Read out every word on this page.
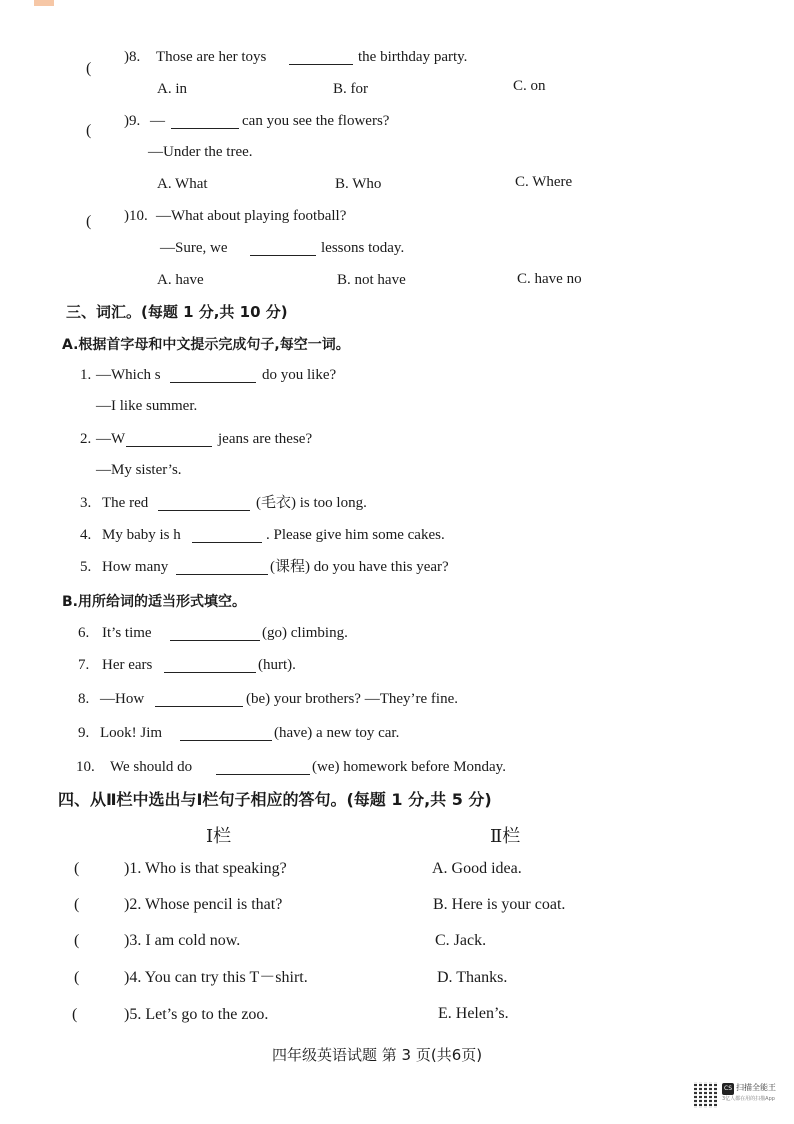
(
)8. Those are her toys	the birthday party.
A. in	B. for	C. on
(
)9. —	can you see the flowers?
—Under the tree.
A. What	B. Who	C. Where
( )10. —What about playing football?
—Sure, we	lessons today.
A. have	B. not have	C. have no
三、词汇。(每题 1 分,共 10 分)
A.根据首字母和中文提示完成句子,每空一词。
1. —Which s	do you like?
—I like summer.
2. —W	jeans are these?
—My sister’s.
3. The red	(毛衣) is too long.
4. My baby is h	. Please give him some cakes.
5. How many	(课程) do you have this year?
B.用所给词的适当形式填空。
6. It’s time	(go) climbing.
7. Her ears	(hurt).
8. —How	(be) your brothers? —They’re fine.
9. Look! Jim	(have) a new toy car.
10. We should do	(we) homework before Monday.
四、从Ⅱ栏中选出与Ⅰ栏句子相应的答句。(每题 1 分,共 5 分)
Ⅰ栏	Ⅱ栏
(	)1. Who is that speaking?	A. Good idea.
(	)2. Whose pencil is that?	B. Here is your coat.
(	)3. I am cold now.	C. Jack.
(	)4. You can try this T－shirt.	D. Thanks.
(	)5. Let’s go to the zoo.	E. Helen’s.
四年级英语试题 第 3 页(共6页)
CS 扫描全能王
3亿人都在用的扫描App
